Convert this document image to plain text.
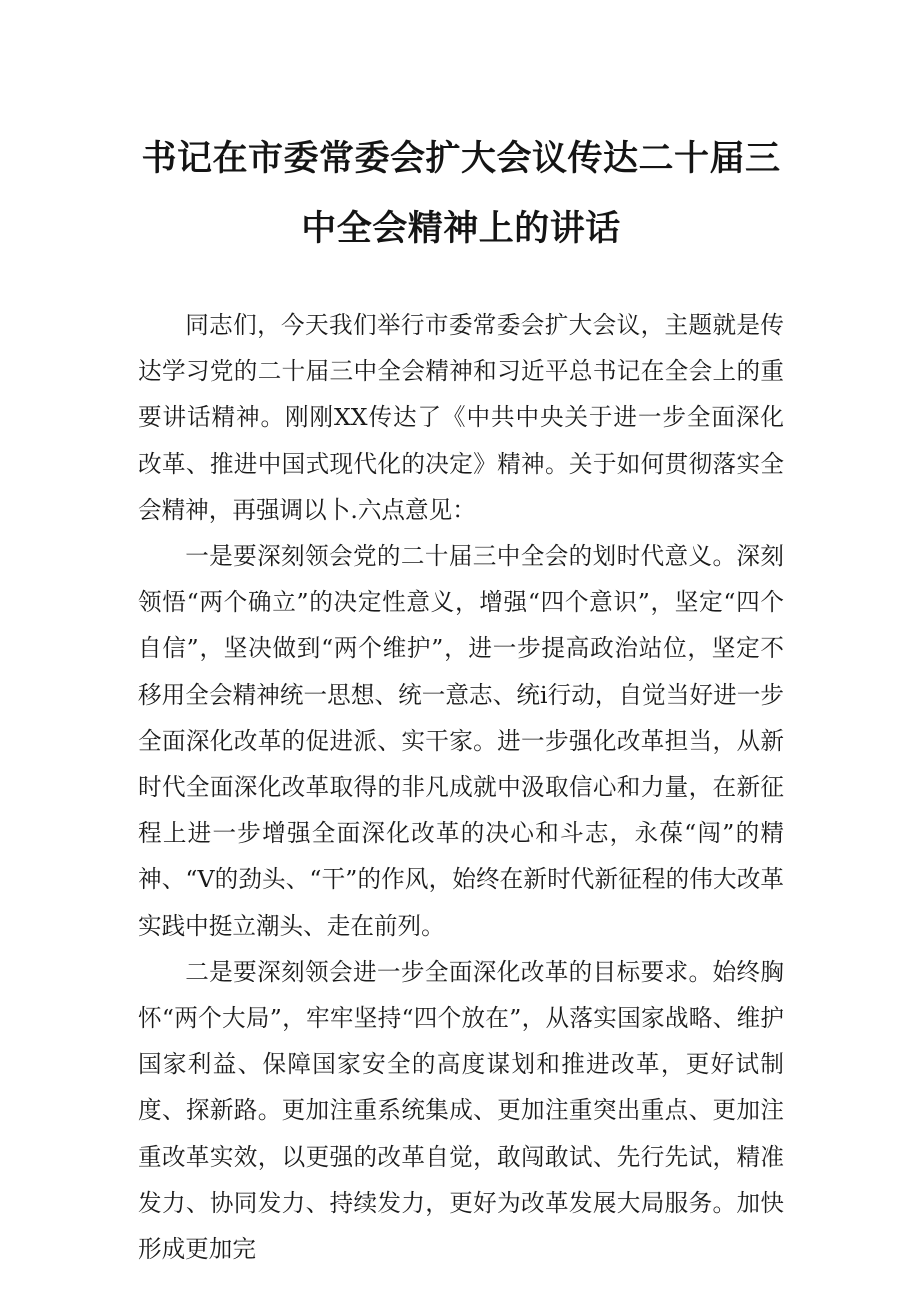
书记在市委常委会扩大会议传达二十届三中全会精神上的讲话

同志们，今天我们举行市委常委会扩大会议，主题就是传达学习党的二十届三中全会精神和习近平总书记在全会上的重要讲话精神。刚刚XX传达了《中共中央关于进一步全面深化改革、推进中国式现代化的决定》精神。关于如何贯彻落实全会精神，再强调以卜.六点意见：

一是要深刻领会党的二十届三中全会的划时代意义。深刻领悟“两个确立”的决定性意义，增强“四个意识”，坚定“四个自信”，坚决做到“两个维护”，进一步提高政治站位，坚定不移用全会精神统一思想、统一意志、统i行动，自觉当好进一步全面深化改革的促进派、实干家。进一步强化改革担当，从新时代全面深化改革取得的非凡成就中汲取信心和力量，在新征程上进一步增强全面深化改革的决心和斗志，永葆“闯”的精神、“V的劲头、“干”的作风，始终在新时代新征程的伟大改革实践中挺立潮头、走在前列。

二是要深刻领会进一步全面深化改革的目标要求。始终胸怀“两个大局”，牢牢坚持“四个放在”，从落实国家战略、维护国家利益、保障国家安全的高度谋划和推进改革，更好试制度、探新路。更加注重系统集成、更加注重突出重点、更加注重改革实效，以更强的改革自觉，敢闯敢试、先行先试，精准发力、协同发力、持续发力，更好为改革发展大局服务。加快形成更加完
